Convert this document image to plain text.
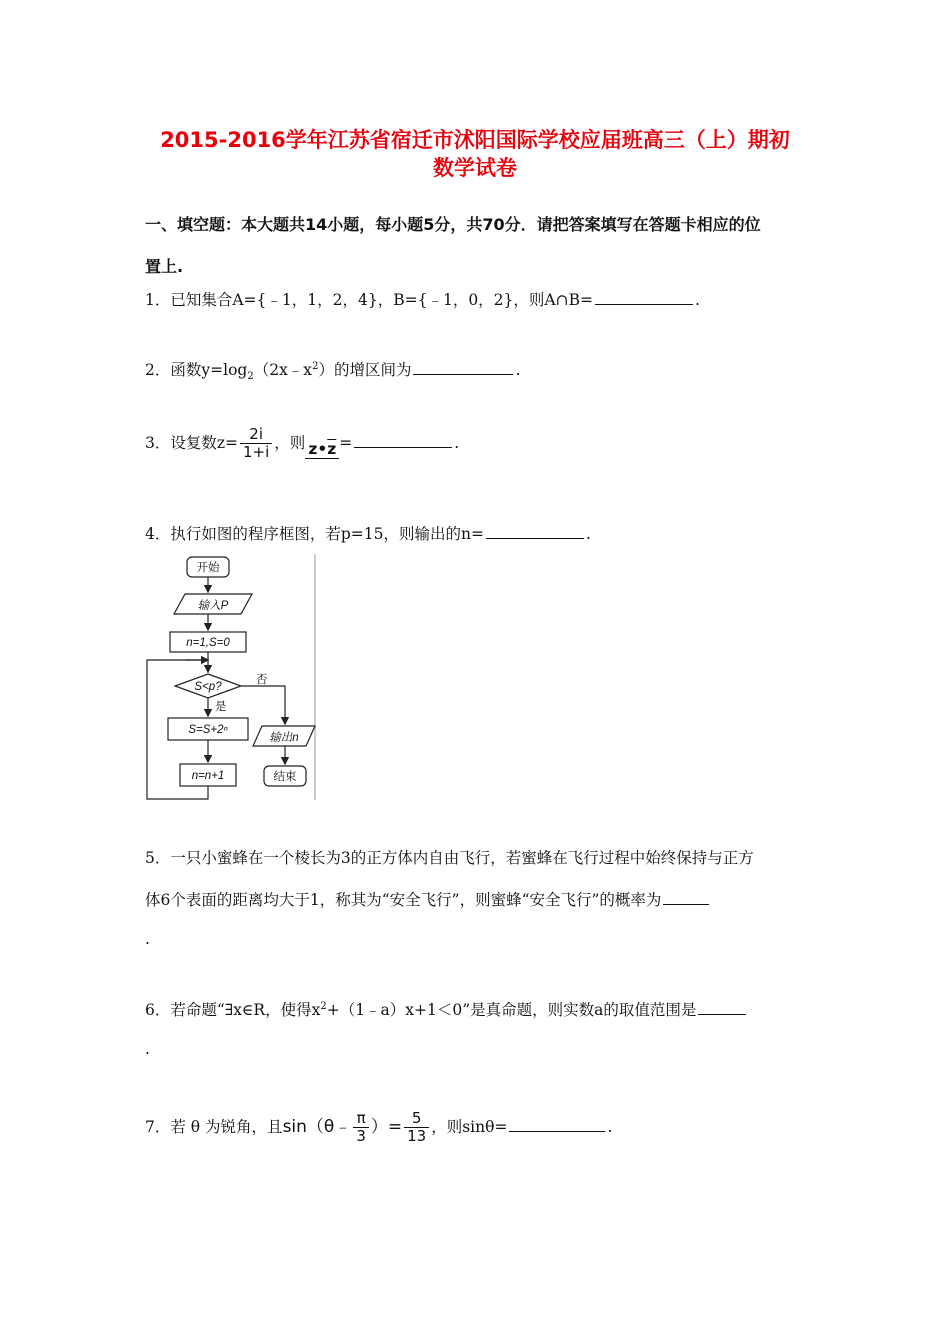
2015-2016学年江苏省宿迁市沭阳国际学校应届班高三（上）期初
数学试卷
一、填空题：本大题共14小题，每小题5分，共70分．请把答案填写在答题卡相应的位
置上.
1．已知集合A={﹣1，1，2，4}，B={﹣1，0，2}，则A∩B=	.
2．函数$y=\log_2(2x﹣x^2)$的增区间为	.
3．设复数$z= \frac{2i}{1+i}$ ，则 $z•\overline{z}$ =	.
4．执行如图的程序框图，若p=15，则输出的n=	.
开始
输入P
n=1,S=0
S<p?
否
是
S=S+2ⁿ
n=n+1
输出n
结束
5．一只小蜜蜂在一个棱长为3的正方体内自由飞行，若蜜蜂在飞行过程中始终保持与正方
体6个表面的距离均大于1，称其为“安全飞行”，则蜜蜂“安全飞行”的概率为
.
6．若命题“∃x∈R，使得$x^2+(1﹣a)x+1<0$”是真命题，则实数a的取值范围是
.
7．若 θ 为锐角，且sin（θ﹣ $\frac{\pi}{3}$ ）= $\frac{5}{13}$ ，则sinθ=	.
